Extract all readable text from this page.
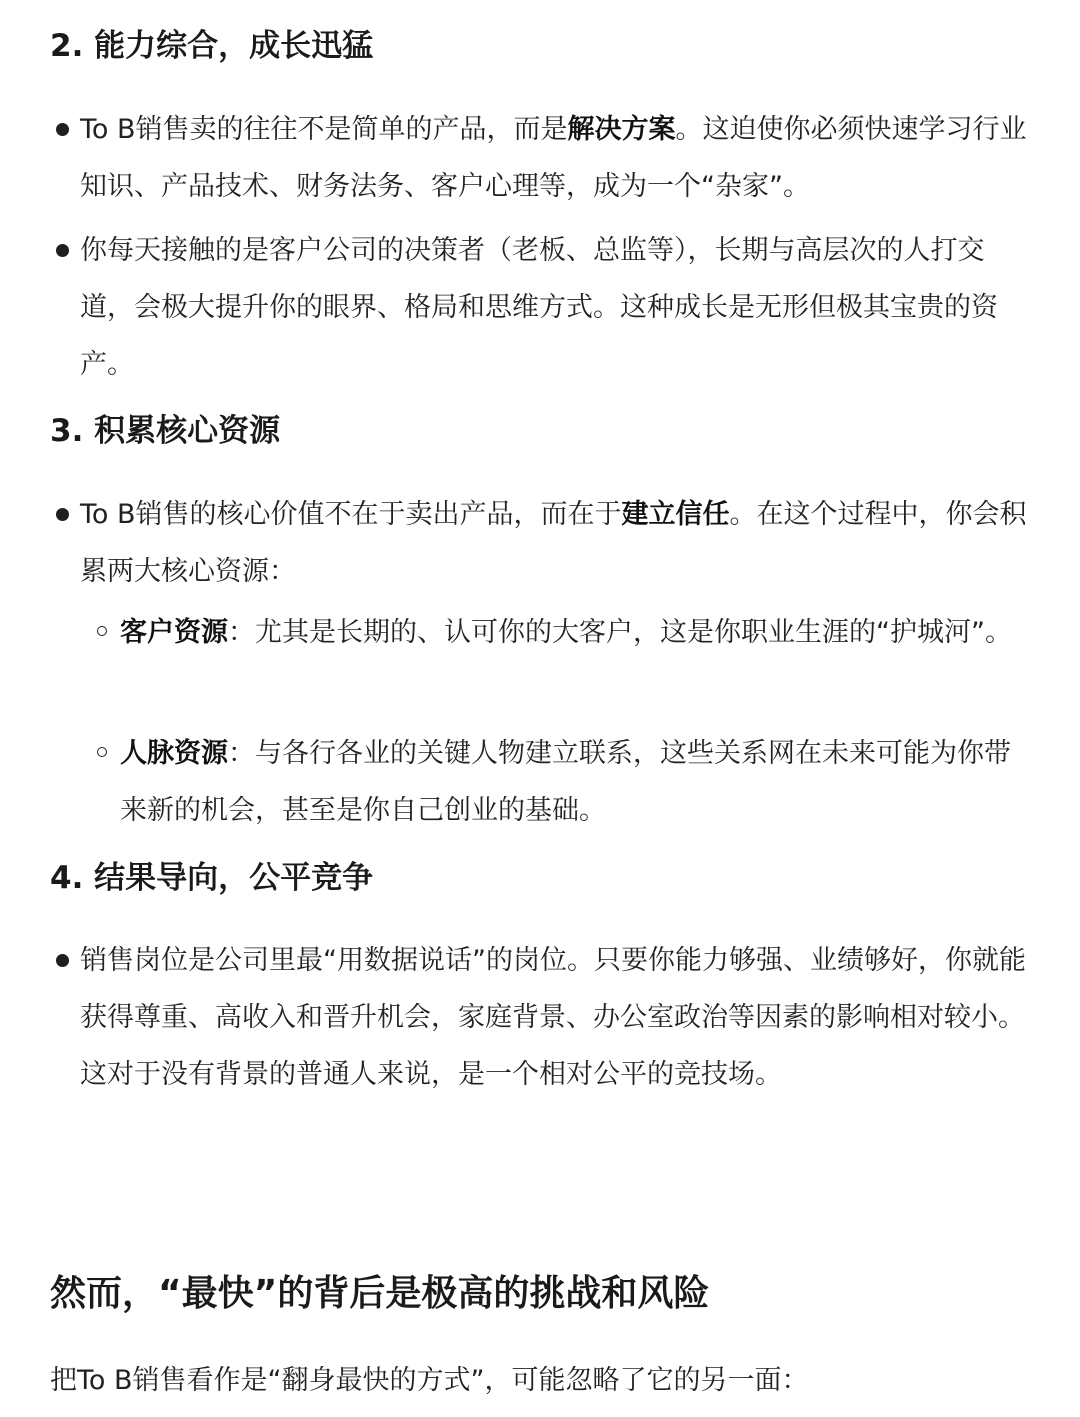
2. 能力综合，成长迅猛
To B销售卖的往往不是简单的产品，而是解决方案。这迫使你必须快速学习行业知识、产品技术、财务法务、客户心理等，成为一个“杂家”。
你每天接触的是客户公司的决策者（老板、总监等），长期与高层次的人打交道，会极大提升你的眼界、格局和思维方式。这种成长是无形但极其宝贵的资产。
3. 积累核心资源
To B销售的核心价值不在于卖出产品，而在于建立信任。在这个过程中，你会积累两大核心资源：
客户资源：尤其是长期的、认可你的大客户，这是你职业生涯的“护城河”。
人脉资源：与各行各业的关键人物建立联系，这些关系网在未来可能为你带来新的机会，甚至是你自己创业的基础。
4. 结果导向，公平竞争
销售岗位是公司里最“用数据说话”的岗位。只要你能力够强、业绩够好，你就能获得尊重、高收入和晋升机会，家庭背景、办公室政治等因素的影响相对较小。这对于没有背景的普通人来说，是一个相对公平的竞技场。
然而，“最快”的背后是极高的挑战和风险

把To B销售看作是“翻身最快的方式”，可能忽略了它的另一面：
